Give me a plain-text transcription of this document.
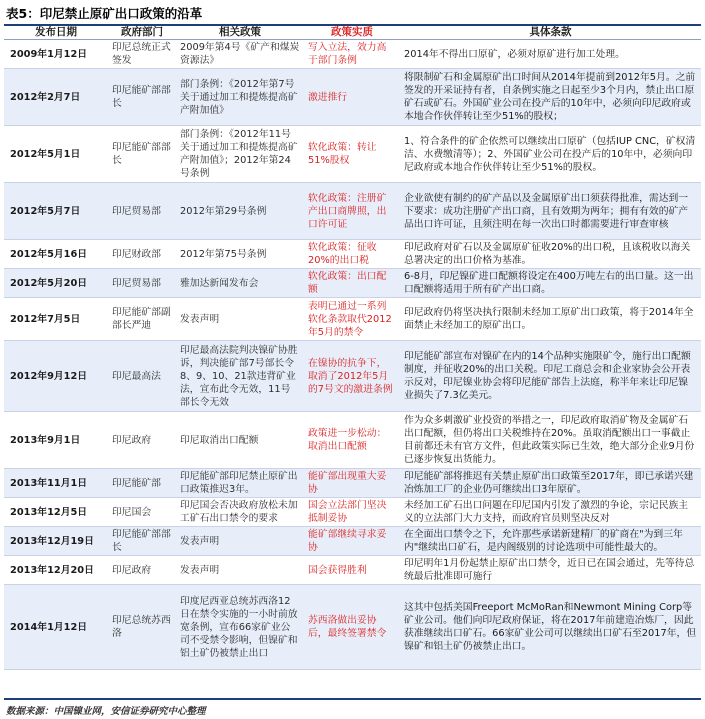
表5：印尼禁止原矿出口政策的沿革
发布日期	政府部门	相关政策	政策实质	具体条款
2009年1月12日	印尼总统正式签发	2009年第4号《矿产和煤炭资源法》	写入立法，效力高于部门条例	2014年不得出口原矿，必须对原矿进行加工处理。
2012年2月7日	印尼能矿部部长	部门条例：《2012年第7号关于通过加工和提炼提高矿产附加值》	激进推行	将限制矿石和金属原矿出口时间从2014年提前到2012年5月。之前签发的开采证持有者，自条例实施之日起至少3个月内，禁止出口原矿石或矿石。外国矿业公司在投产后的10年中，必须向印尼政府或本地合作伙伴转让至少51%的股权；
2012年5月1日	印尼能矿部部长	部门条例：《2012年11号关于通过加工和提炼提高矿产附加值》；2012年第24号条例	软化政策：转让51%股权	1、符合条件的矿企依然可以继续出口原矿（包括IUP CNC，矿权清洁、水费缴清等）；2、外国矿业公司在投产后的10年中，必须向印尼政府或本地合作伙伴转让至少51%的股权。
2012年5月7日	印尼贸易部	2012年第29号条例	软化政策：注册矿产出口商牌照，出口许可证	企业欲使有制约的矿产品以及金属原矿出口须获得批准，需达到一下要求：成功注册矿产出口商，且有效期为两年；拥有有效的矿产品出口许可证，且须注明在每一次出口时都需要进行审查审核
2012年5月16日	印尼财政部	2012年第75号条例	软化政策：征收20%的出口税	印尼政府对矿石以及金属原矿征收20%的出口税，且该税收以海关总署决定的出口价格为基准。
2012年5月20日	印尼贸易部	雅加达新闻发布会	软化政策：出口配额	6-8月，印尼镍矿进口配额将设定在400万吨左右的出口量。这一出口配额将适用于所有矿产出口商。
2012年7月5日	印尼能矿部副部长严迪	发表声明	表明已通过一系列软化条款取代2012年5月的禁令	印尼政府仍将坚决执行限制未经加工原矿出口政策，将于2014年全面禁止未经加工的原矿出口。
2012年9月12日	印尼最高法	印尼最高法院判决镍矿协胜诉，判决能矿部7号部长令8、9、10、21款违背矿业法，宣布此令无效，11号部长令无效	在镍协的抗争下，取消了2012年5月的7号文的激进条例	印尼能矿部宣布对镍矿在内的14个品种实施限矿令，施行出口配额制度，并征收20%的出口关税。印尼工商总会和企业家协会公开表示反对，印尼镍业协会将印尼能矿部告上法庭，称半年来让印尼镍业损失了7.3亿美元。
2013年9月1日	印尼政府	印尼取消出口配额	政策进一步松动：取消出口配额	作为众多刺激矿业投资的举措之一，印尼政府取消矿物及金属矿石出口配额，但仍将出口关税维持在20%。虽取消配额出口一事截止目前都还未有官方文件，但此政策实际已生效，绝大部分企业9月份已逐步恢复出货能力。
2013年11月1日	印尼能矿部	印尼能矿部印尼禁止原矿出口政策推迟3年。	能矿部出现重大妥协	印尼能矿部将推迟有关禁止原矿出口政策至2017年，即已承诺兴建冶炼加工厂的企业仍可继续出口3年原矿。
2013年12月5日	印尼国会	印尼国会否决政府放松未加工矿石出口禁令的要求	国会立法部门坚决抵制妥协	未经加工矿石出口问题在印尼国内引发了激烈的争论，宗记民族主义的立法部门大力支持，而政府官员则坚决反对
2013年12月19日	印尼能矿部部长	发表声明	能矿部继续寻求妥协	在全面出口禁令之下，允许那些承诺新建精厂的矿商在"为到三年内"继续出口矿石，是内阁级别的讨论选项中可能性最大的。
2013年12月20日	印尼政府	发表声明	国会获得胜利	印尼明年1月份起禁止原矿出口禁令，近日已在国会通过，先等待总统最后批准即可施行
2014年1月12日	印尼总统苏西洛	印度尼西亚总统苏西洛12日在禁令实施的一小时前放宽条例，宣布66家矿业公司不受禁令影响，但镍矿和铝土矿仍被禁止出口	苏西洛做出妥协后，最终签署禁令	这其中包括美国Freeport McMoRan和Newmont Mining Corp等矿业公司。他们向印尼政府保证，将在2017年前建造冶炼厂，因此获准继续出口矿石。66家矿业公司可以继续出口矿石至2017年，但镍矿和铝土矿仍被禁止出口。
数据来源：中国镍业网，安信证券研究中心整理
